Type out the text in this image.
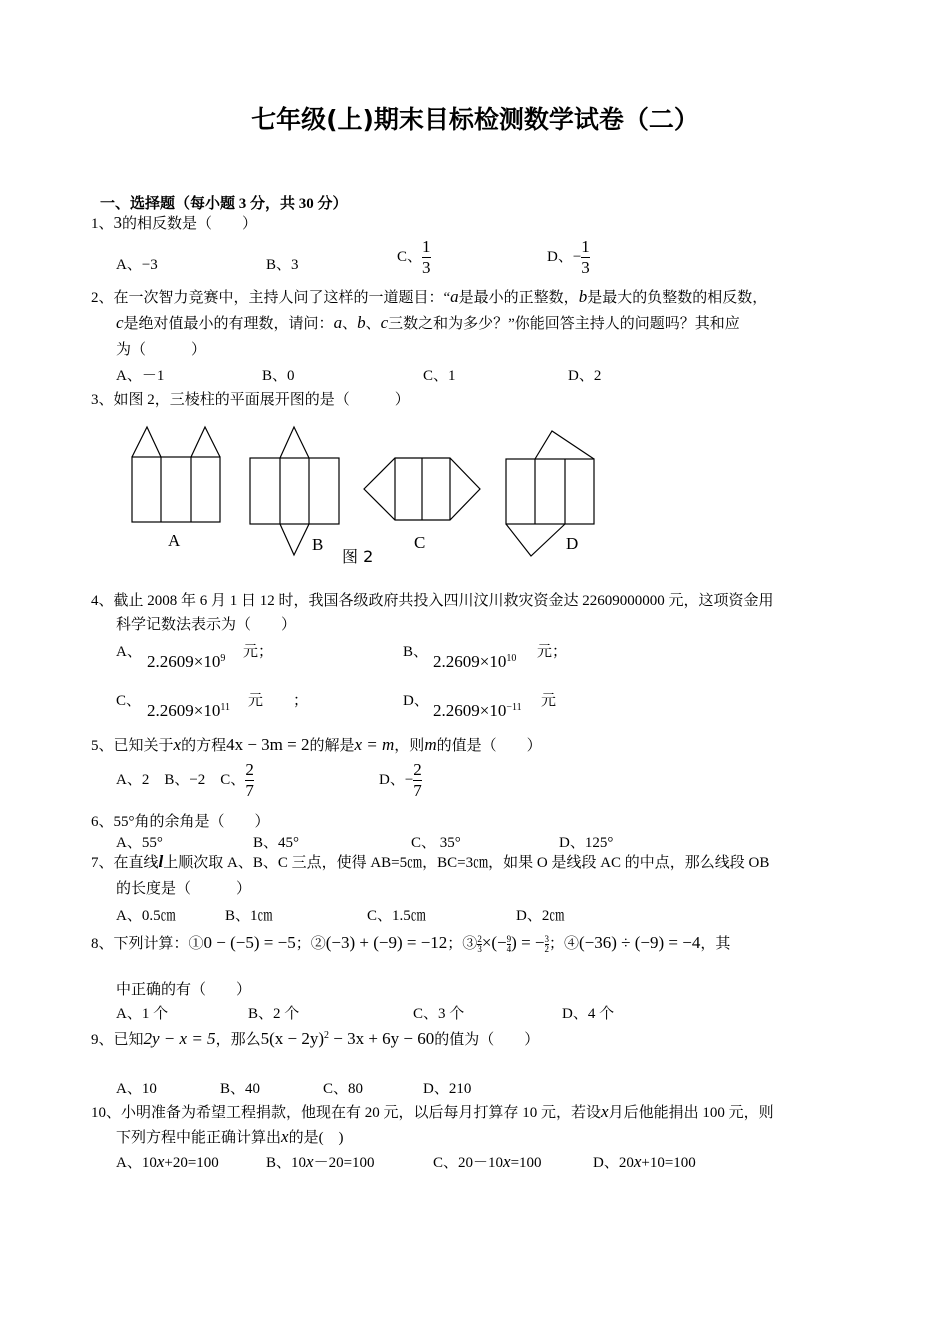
七年级(上)期末目标检测数学试卷（二）
一、选择题（每小题 3 分，共 30 分）
1、3的相反数是（　　）
A、−3	B、3
C、 $\frac{1}{3}$	D、− $\frac{1}{3}$
2、在一次智力竞赛中，主持人问了这样的一道题目：“a是最小的正整数，b是最大的负整数的相反数，
c是绝对值最小的有理数，请问：a、b、c三数之和为多少？”你能回答主持人的问题吗？其和应
为（　　　）
A、－1	B、0	C、1	D、2
3、如图 2，三棱柱的平面展开图的是（　　　）
A	B	C	D
图 2
4、截止 2008 年 6 月 1 日 12 时，我国各级政府共投入四川汶川救灾资金达 22609000000 元，这项资金用
科学记数法表示为（　　）
A、 $2.2609\times 10^9$ 元；	B、 $2.2609\times 10^{10}$ 元；
C、 $2.2609\times 10^{11}$ 元　　；	D、 $2.2609\times 10^{-11}$ 元
5、已知关于x的方程4x − 3m = 2的解是x = m，则m的值是（　　）
A、2　B、−2　C、 $\frac{2}{7}$	D、− $\frac{2}{7}$
6、55°角的余角是（　　）
A、55°	B、45°	C、 35°	D、125°
7、在直线l上顺次取 A、B、C 三点，使得 AB=5㎝，BC=3㎝，如果 O 是线段 AC 的中点，那么线段 OB
的长度是（　　　）
A、0.5㎝	B、1㎝	C、1.5㎝	D、2㎝
8、下列计算：①0 − (−5) = −5；②(−3) + (−9) = −12；③ $\frac{2}{3}$ ×(− $\frac{9}{4}$ ) = − $\frac{3}{2}$ ；④(−36) ÷ (−9) = −4，其
中正确的有（　　）
A、1 个	B、2 个	C、3 个	D、4 个
9、已知2y − x = 5，那么$5(x - 2y)^2 - 3x + 6y - 60$的值为（　　）
A、10	B、40	C、80	D、210
10、小明准备为希望工程捐款，他现在有 20 元，以后每月打算存 10 元，若设x月后他能捐出 100 元，则
下列方程中能正确计算出x的是(　)
A、10x+20=100	B、10x－20=100	C、20－10x=100	D、20x+10=100
